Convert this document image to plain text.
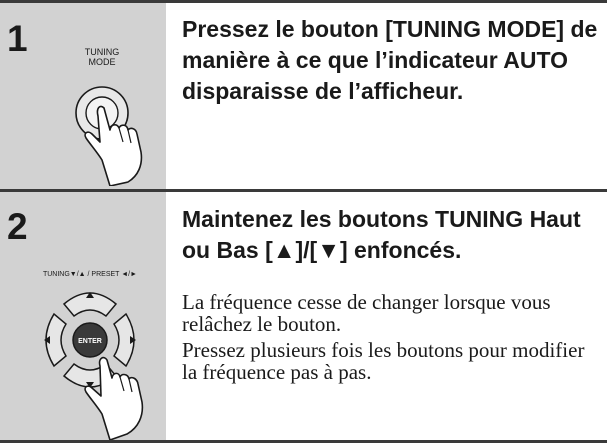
1	TUNING
MODE
Pressez le bouton [TUNING MODE] de manière à ce que l’indicateur AUTO disparaisse de l’afficheur.
2
TUNING▼/▲ / PRESET ◄/►
ENTER
Maintenez les boutons TUNING Haut ou Bas [▲]/[▼] enfoncés.
La fréquence cesse de changer lorsque vous relâchez le bouton.
Pressez plusieurs fois les boutons pour modifier la fréquence pas à pas.
